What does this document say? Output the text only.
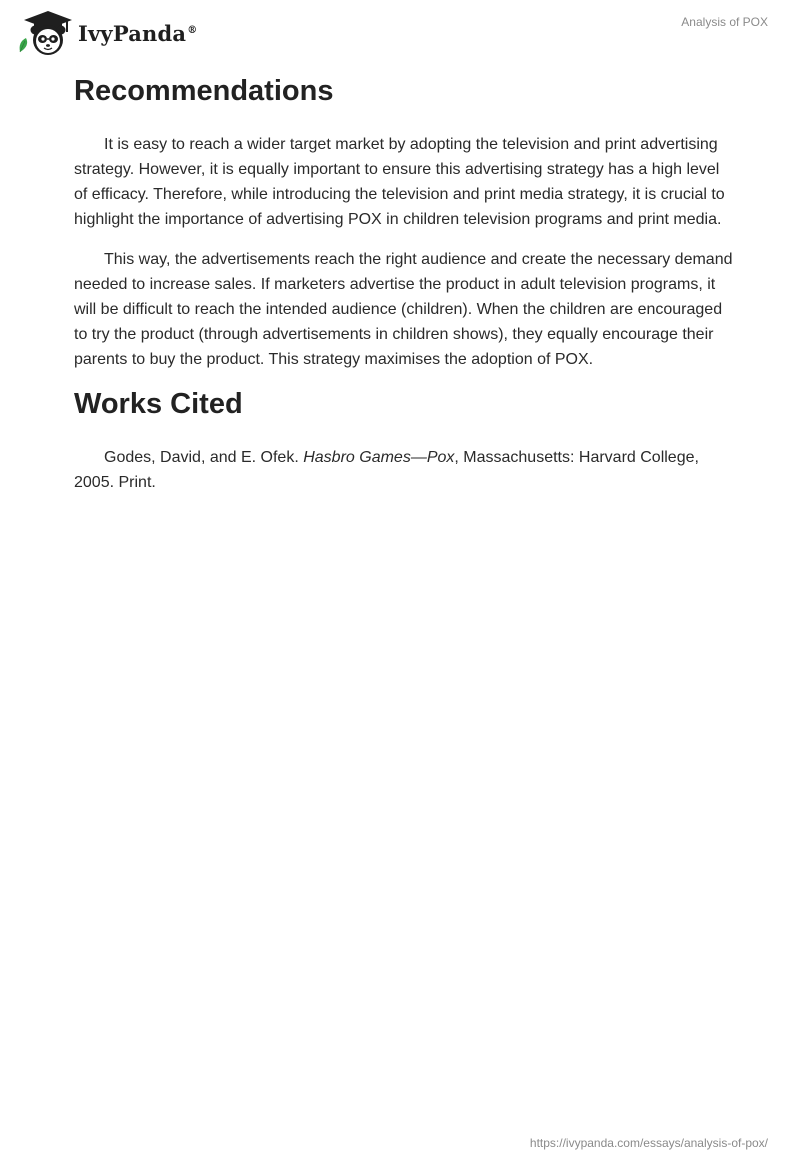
IvyPanda®
Analysis of POX
Recommendations

It is easy to reach a wider target market by adopting the television and print advertising strategy. However, it is equally important to ensure this advertising strategy has a high level of efficacy. Therefore, while introducing the television and print media strategy, it is crucial to highlight the importance of advertising POX in children television programs and print media.

This way, the advertisements reach the right audience and create the necessary demand needed to increase sales. If marketers advertise the product in adult television programs, it will be difficult to reach the intended audience (children). When the children are encouraged to try the product (through advertisements in children shows), they equally encourage their parents to buy the product. This strategy maximises the adoption of POX.

Works Cited

Godes, David, and E. Ofek. Hasbro Games—Pox, Massachusetts: Harvard College, 2005. Print.

https://ivypanda.com/essays/analysis-of-pox/
